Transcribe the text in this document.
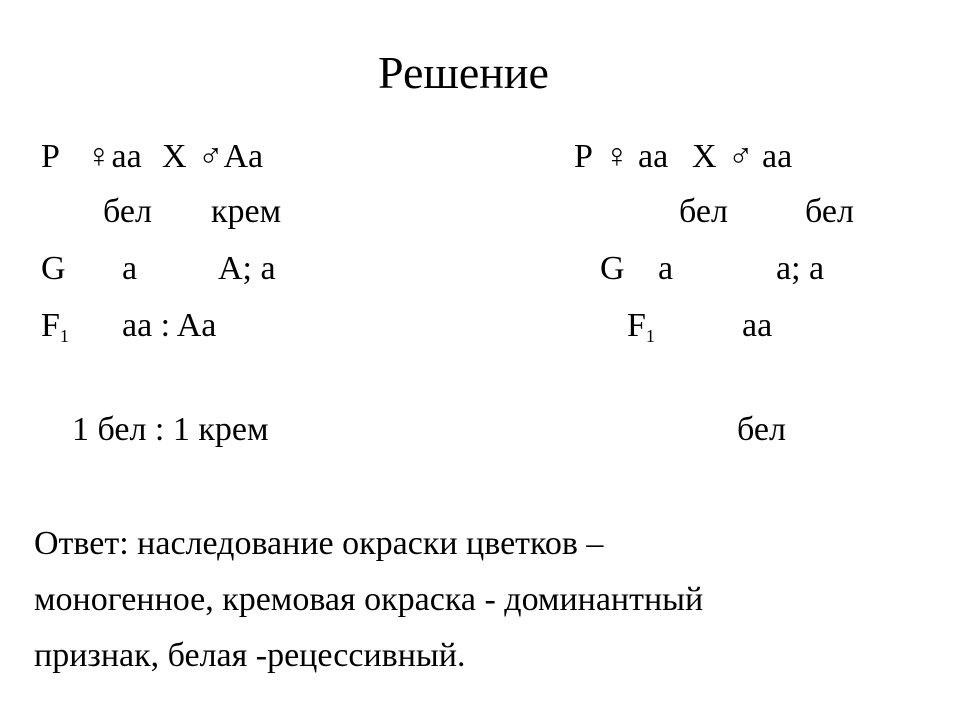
Решение
P ♀aa X ♂Aa
бел крем
G a A; a
F1 aa : Aa
1 бел : 1 крем
P ♀ aa X ♂ aa
бел бел
G a	a; a
F1	aa
бел
Ответ: наследование окраски цветков –
моногенное, кремовая окраска - доминантный
признак, белая -рецессивный.
